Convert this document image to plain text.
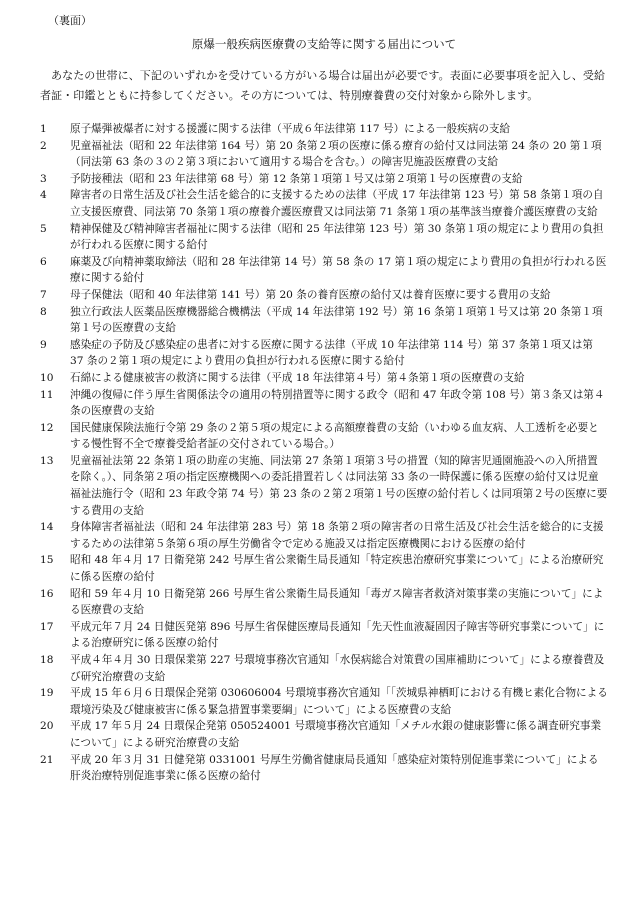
（裏面）
原爆一般疾病医療費の支給等に関する届出について

あなたの世帯に、下記のいずれかを受けている方がいる場合は届出が必要です。表面に必要事項を記入し、受給者証・印鑑とともに持参してください。その方については、特別療養費の交付対象から除外します。

1	原子爆弾被爆者に対する援護に関する法律（平成６年法律第 117 号）による一般疾病の支給
2	児童福祉法（昭和 22 年法律第 164 号）第 20 条第２項の医療に係る療育の給付又は同法第 24 条の 20 第１項（同法第 63 条の３の２第３項において適用する場合を含む。）の障害児施設医療費の支給
3	予防接種法（昭和 23 年法律第 68 号）第 12 条第１項第１号又は第２項第１号の医療費の支給
4	障害者の日常生活及び社会生活を総合的に支援するための法律（平成 17 年法律第 123 号）第 58 条第１項の自立支援医療費、同法第 70 条第１項の療養介護医療費又は同法第 71 条第１項の基準該当療養介護医療費の支給
5	精神保健及び精神障害者福祉に関する法律（昭和 25 年法律第 123 号）第 30 条第１項の規定により費用の負担が行われる医療に関する給付
6	麻薬及び向精神薬取締法（昭和 28 年法律第 14 号）第 58 条の 17 第１項の規定により費用の負担が行われる医療に関する給付
7	母子保健法（昭和 40 年法律第 141 号）第 20 条の養育医療の給付又は養育医療に要する費用の支給
8	独立行政法人医薬品医療機器総合機構法（平成 14 年法律第 192 号）第 16 条第１項第１号又は第 20 条第１項第１号の医療費の支給
9	感染症の予防及び感染症の患者に対する医療に関する法律（平成 10 年法律第 114 号）第 37 条第１項又は第 37 条の２第１項の規定により費用の負担が行われる医療に関する給付
10	石綿による健康被害の救済に関する法律（平成 18 年法律第４号）第４条第１項の医療費の支給
11	沖縄の復帰に伴う厚生省関係法令の適用の特別措置等に関する政令（昭和 47 年政令第 108 号）第３条又は第４条の医療費の支給
12	国民健康保険法施行令第 29 条の２第５項の規定による高額療養費の支給（いわゆる血友病、人工透析を必要とする慢性腎不全で療養受給者証の交付されている場合。）
13	児童福祉法第 22 条第１項の助産の実施、同法第 27 条第１項第３号の措置（知的障害児通園施設への入所措置を除く。）、同条第２項の指定医療機関への委託措置若しくは同法第 33 条の一時保護に係る医療の給付又は児童福祉法施行令（昭和 23 年政令第 74 号）第 23 条の２第２項第１号の医療の給付若しくは同項第２号の医療に要する費用の支給
14	身体障害者福祉法（昭和 24 年法律第 283 号）第 18 条第２項の障害者の日常生活及び社会生活を総合的に支援するための法律第５条第６項の厚生労働省令で定める施設又は指定医療機関における医療の給付
15	昭和 48 年４月 17 日衛発第 242 号厚生省公衆衛生局長通知「特定疾患治療研究事業について」による治療研究に係る医療の給付
16	昭和 59 年４月 10 日衛発第 266 号厚生省公衆衛生局長通知「毒ガス障害者救済対策事業の実施について」による医療費の支給
17	平成元年７月 24 日健医発第 896 号厚生省保健医療局長通知「先天性血液凝固因子障害等研究事業について」による治療研究に係る医療の給付
18	平成４年４月 30 日環保業第 227 号環境事務次官通知「水俣病総合対策費の国庫補助について」による療養費及び研究治療費の支給
19	平成 15 年６月６日環保企発第 030606004 号環境事務次官通知「「茨城県神栖町における有機ヒ素化合物による環境汚染及び健康被害に係る緊急措置事業要綱」について」による医療費の支給
20	平成 17 年５月 24 日環保企発第 050524001 号環境事務次官通知「メチル水銀の健康影響に係る調査研究事業について」による研究治療費の支給
21	平成 20 年３月 31 日健発第 0331001 号厚生労働省健康局長通知「感染症対策特別促進事業について」による肝炎治療特別促進事業に係る医療の給付
